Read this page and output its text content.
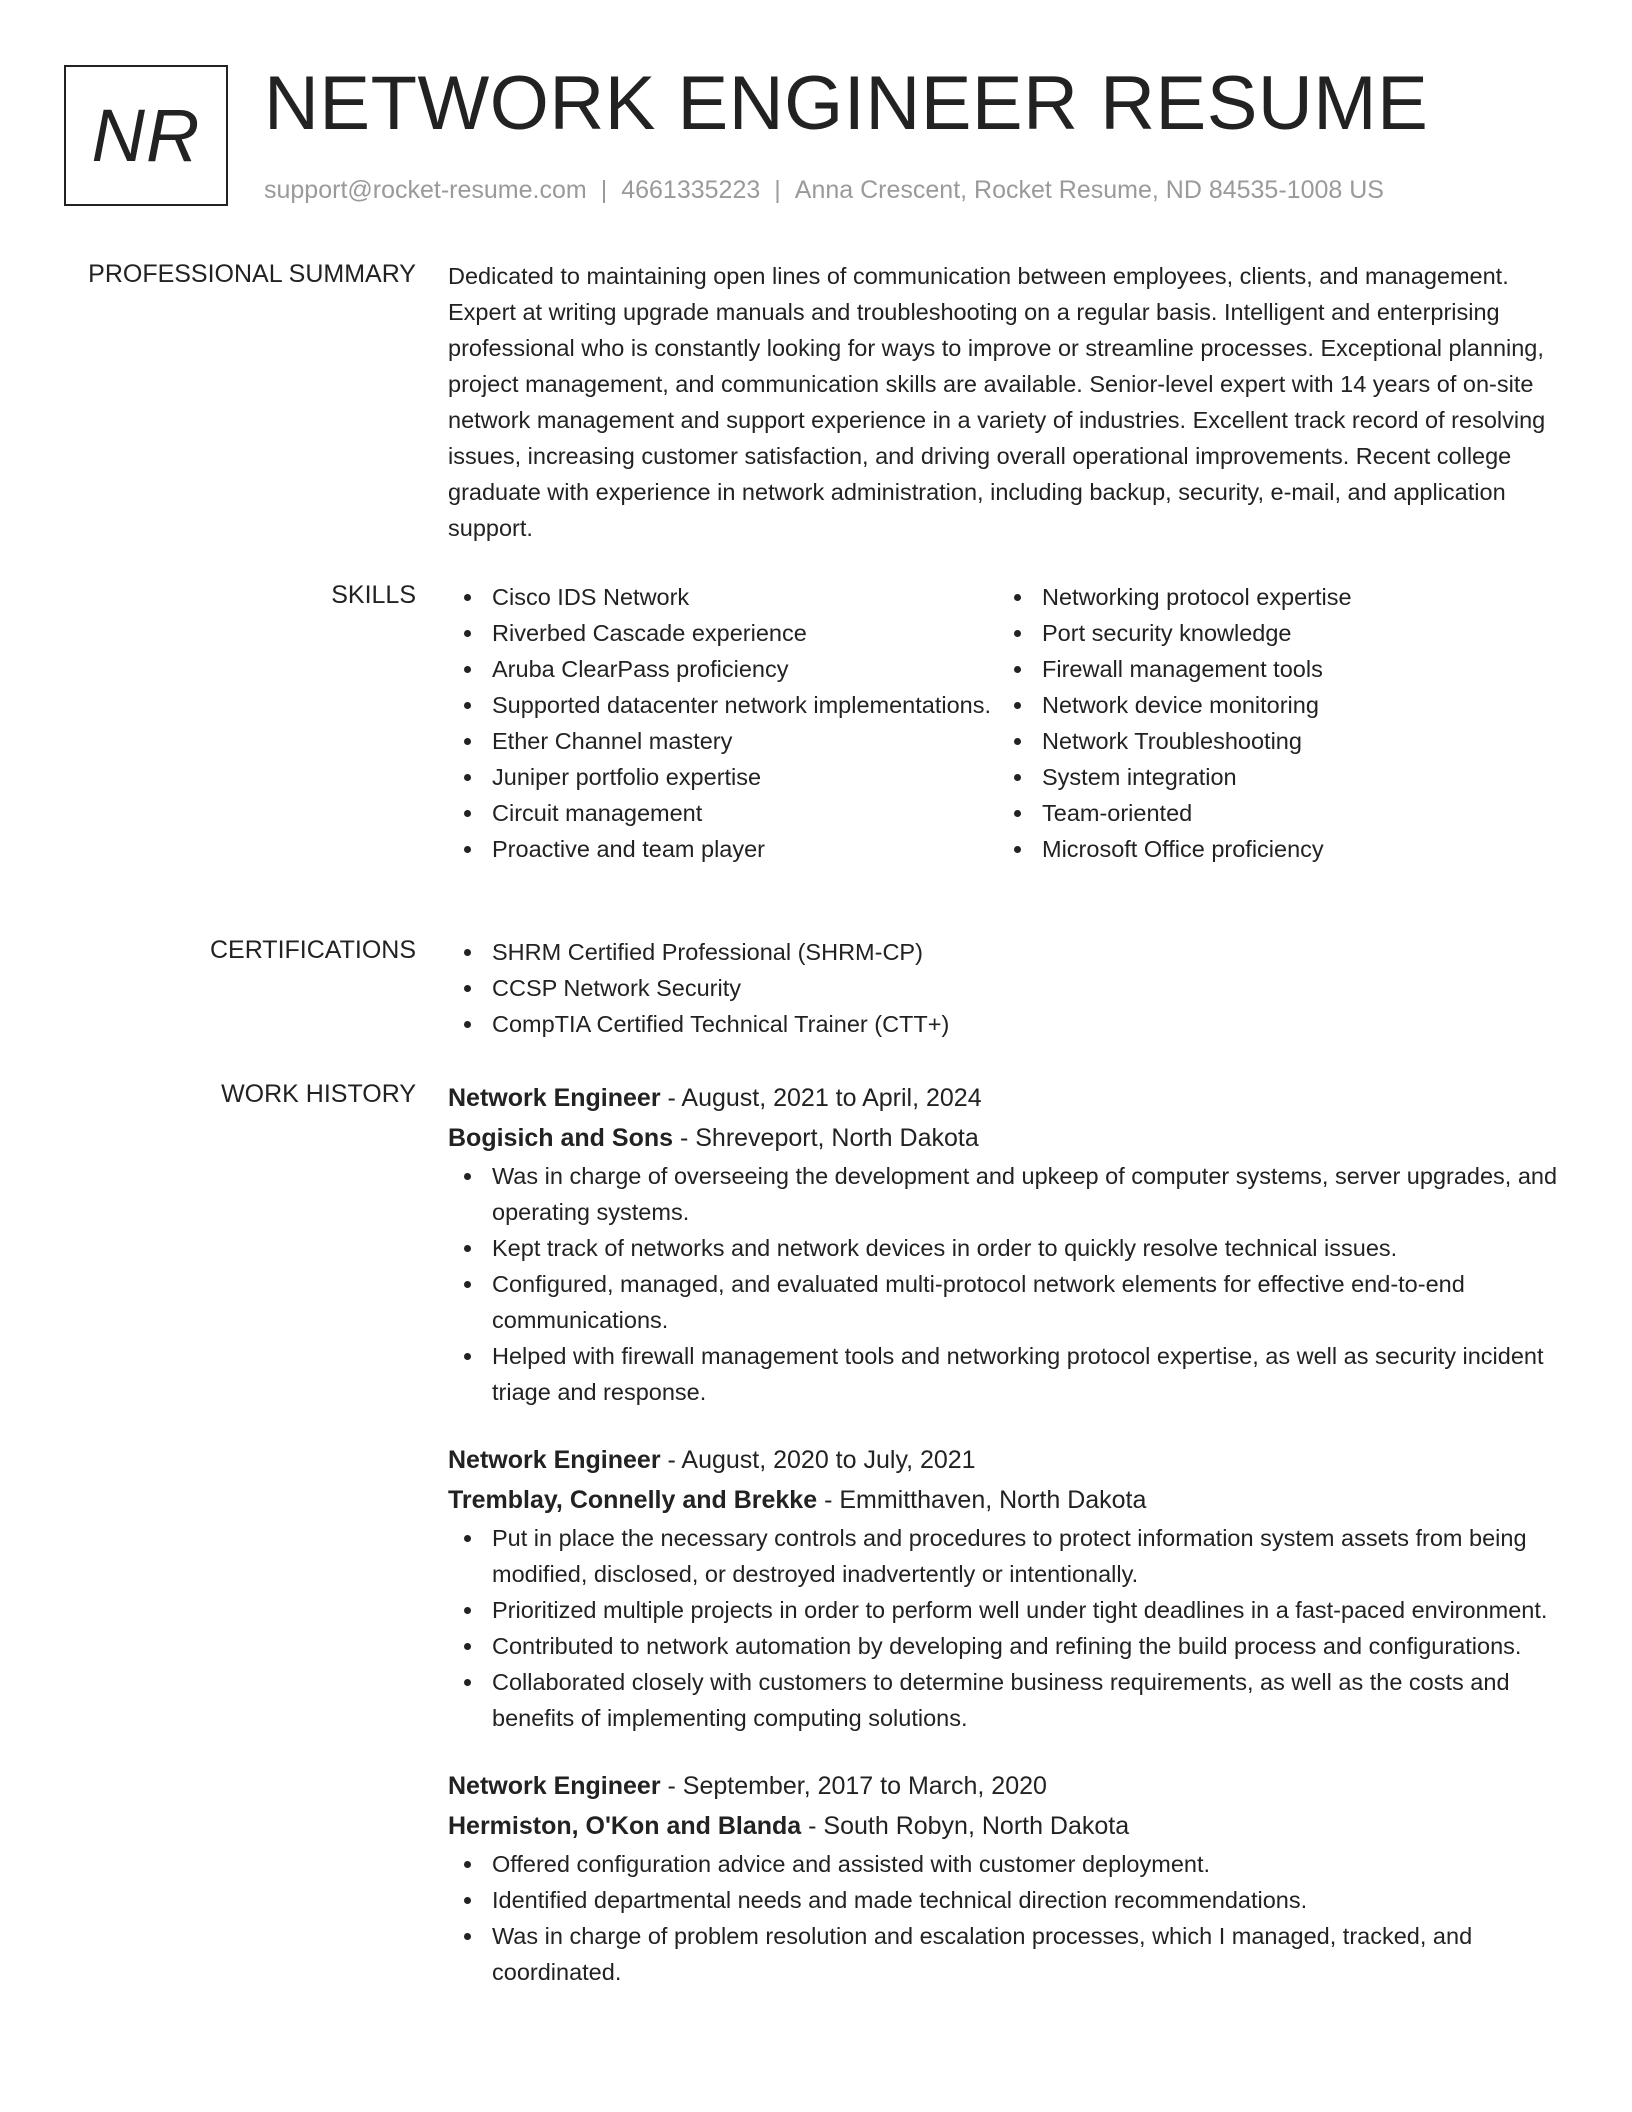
NR NETWORK ENGINEER RESUME
support@rocket-resume.com | 4661335223 | Anna Crescent, Rocket Resume, ND 84535-1008 US
PROFESSIONAL SUMMARY Dedicated to maintaining open lines of communication between employees, clients, and management. Expert at writing upgrade manuals and troubleshooting on a regular basis. Intelligent and enterprising professional who is constantly looking for ways to improve or streamline processes. Exceptional planning, project management, and communication skills are available. Senior-level expert with 14 years of on-site network management and support experience in a variety of industries. Excellent track record of resolving issues, increasing customer satisfaction, and driving overall operational improvements. Recent college graduate with experience in network administration, including backup, security, e-mail, and application support.

SKILLS	Cisco IDS Network
Riverbed Cascade experience
Aruba ClearPass proficiency
Supported datacenter network implementations.
Ether Channel mastery
Juniper portfolio expertise
Circuit management
Proactive and team player
Networking protocol expertise
Port security knowledge
Firewall management tools
Network device monitoring
Network Troubleshooting
System integration
Team-oriented
Microsoft Office proficiency
CERTIFICATIONS	SHRM Certified Professional (SHRM-CP)
CCSP Network Security
CompTIA Certified Technical Trainer (CTT+)
WORK HISTORY Network Engineer - August, 2021 to April, 2024
Bogisich and Sons - Shreveport, North Dakota
Was in charge of overseeing the development and upkeep of computer systems, server upgrades, and operating systems.
Kept track of networks and network devices in order to quickly resolve technical issues.
Configured, managed, and evaluated multi-protocol network elements for effective end-to-end communications.
Helped with firewall management tools and networking protocol expertise, as well as security incident triage and response.
Network Engineer - August, 2020 to July, 2021
Tremblay, Connelly and Brekke - Emmitthaven, North Dakota
Put in place the necessary controls and procedures to protect information system assets from being modified, disclosed, or destroyed inadvertently or intentionally.
Prioritized multiple projects in order to perform well under tight deadlines in a fast-paced environment.
Contributed to network automation by developing and refining the build process and configurations.
Collaborated closely with customers to determine business requirements, as well as the costs and benefits of implementing computing solutions.
Network Engineer - September, 2017 to March, 2020
Hermiston, O'Kon and Blanda - South Robyn, North Dakota
Offered configuration advice and assisted with customer deployment.
Identified departmental needs and made technical direction recommendations.
Was in charge of problem resolution and escalation processes, which I managed, tracked, and coordinated.
